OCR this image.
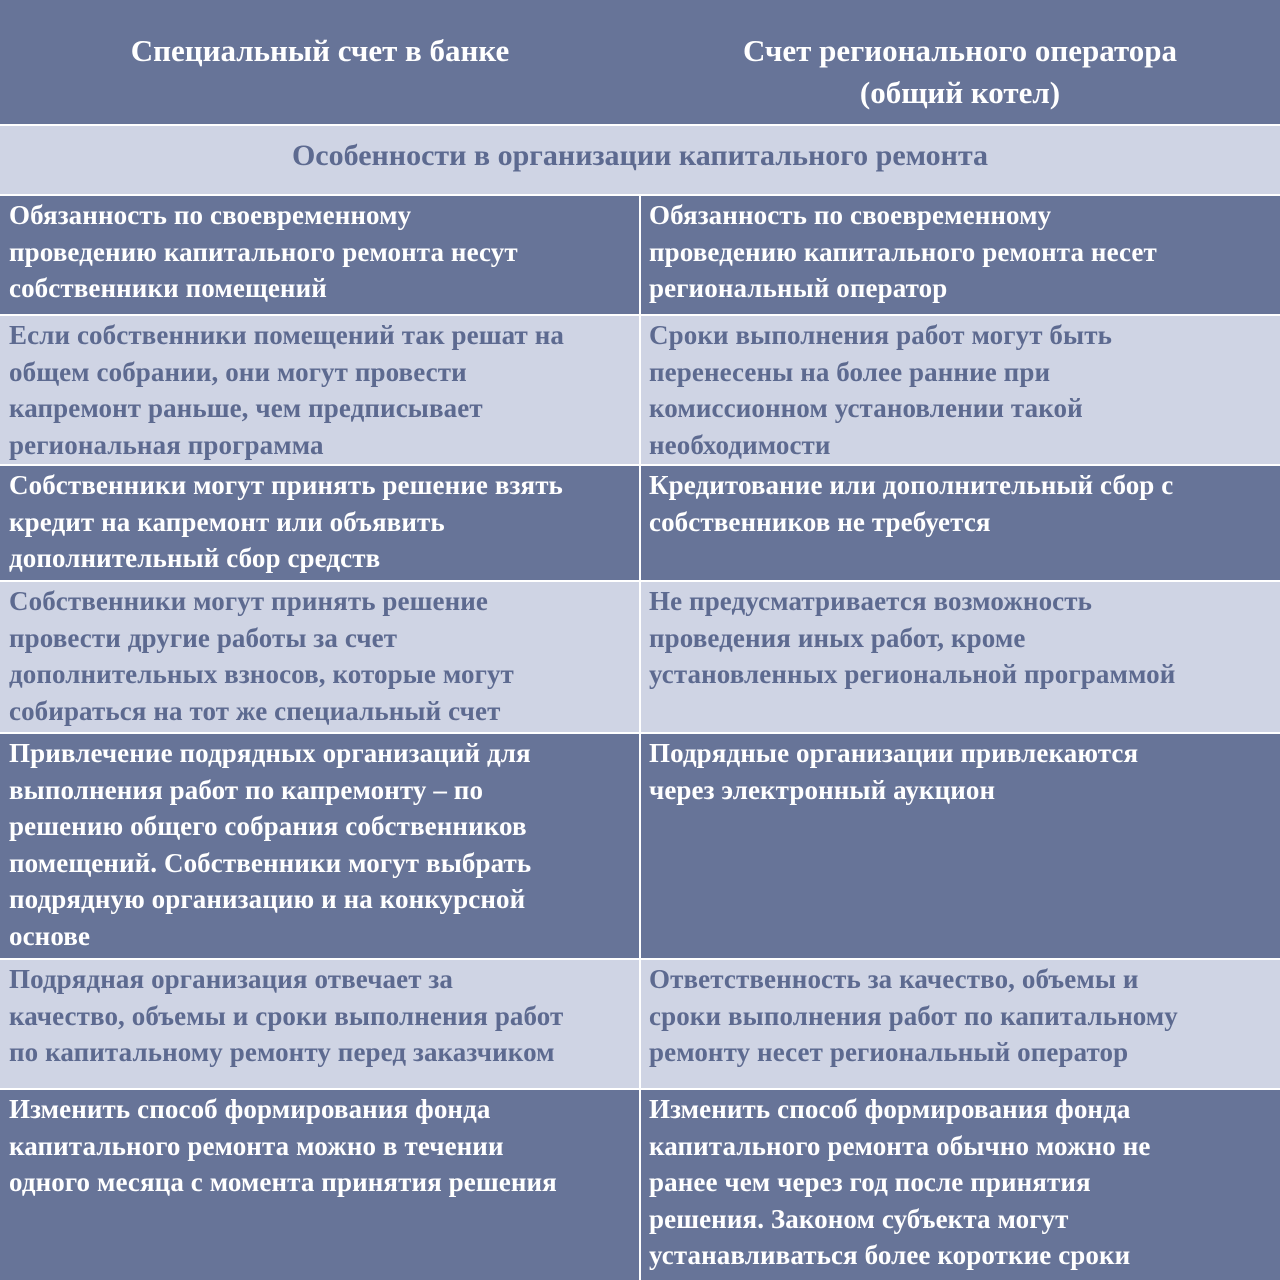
Специальный счет в банке	Счет регионального оператора
(общий котел)
Особенности в организации капитального ремонта
Обязанность по своевременному
проведению капитального ремонта несут
собственники помещений
Обязанность по своевременному
проведению капитального ремонта несет
региональный оператор
Если собственники помещений так решат на
общем собрании, они могут провести
капремонт раньше, чем предписывает
региональная программа
Сроки выполнения работ могут быть
перенесены на более ранние при
комиссионном установлении такой
необходимости
Собственники могут принять решение взять
кредит на капремонт или объявить
дополнительный сбор средств
Кредитование или дополнительный сбор с
собственников не требуется
Собственники могут принять решение
провести другие работы за счет
дополнительных взносов, которые могут
собираться на тот же специальный счет
Не предусматривается возможность
проведения иных работ, кроме
установленных региональной программой
Привлечение подрядных организаций для
выполнения работ по капремонту – по
решению общего собрания собственников
помещений. Собственники могут выбрать
подрядную организацию и на конкурсной
основе
Подрядные организации привлекаются
через электронный аукцион
Подрядная организация отвечает за
качество, объемы и сроки выполнения работ
по капитальному ремонту перед заказчиком
Ответственность за качество, объемы и
сроки выполнения работ по капитальному
ремонту несет региональный оператор
Изменить способ формирования фонда
капитального ремонта можно в течении
одного месяца с момента принятия решения
Изменить способ формирования фонда
капитального ремонта обычно можно не
ранее чем через год после принятия
решения. Законом субъекта могут
устанавливаться более короткие сроки
